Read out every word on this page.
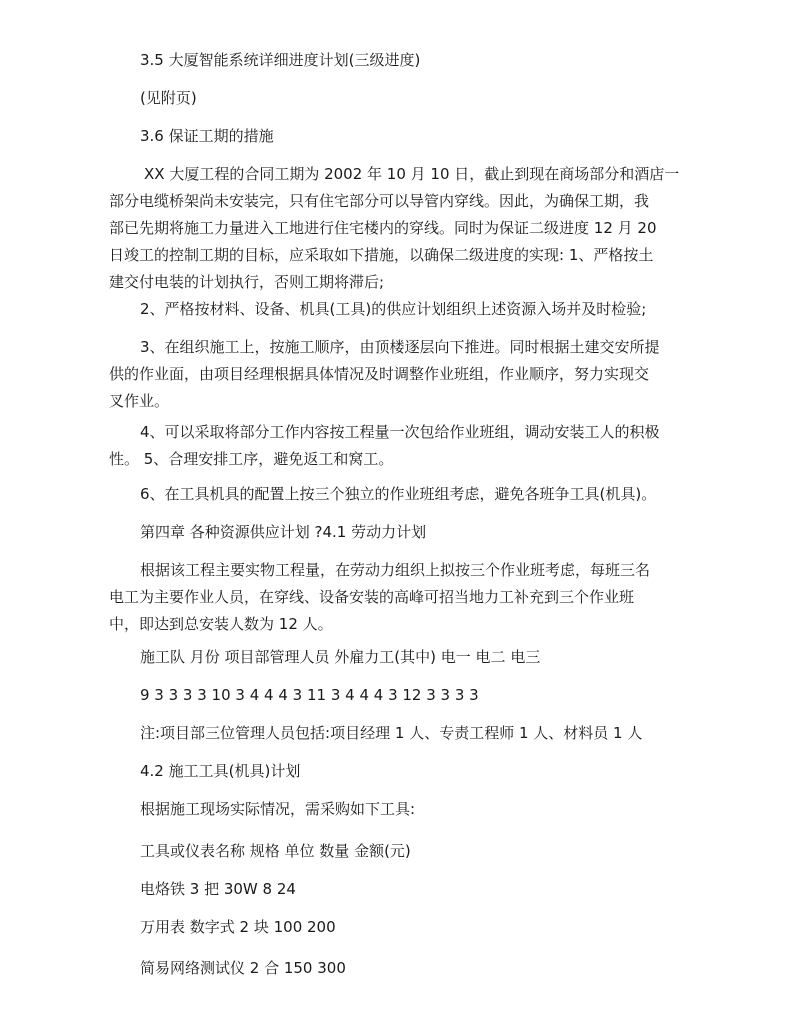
3.5 大厦智能系统详细进度计划(三级进度)

(见附页)

3.6 保证工期的措施

XX 大厦工程的合同工期为 2002 年 10 月 10 日，截止到现在商场部分和酒店一
部分电缆桥架尚未安装完，只有住宅部分可以导管内穿线。因此，为确保工期，我
部已先期将施工力量进入工地进行住宅楼内的穿线。同时为保证二级进度 12 月 20
日竣工的控制工期的目标，应采取如下措施，以确保二级进度的实现: 1、严格按土
建交付电装的计划执行，否则工期将滞后;

2、严格按材料、设备、机具(工具)的供应计划组织上述资源入场并及时检验;

3、在组织施工上，按施工顺序，由顶楼逐层向下推进。同时根据土建交安所提
供的作业面，由项目经理根据具体情况及时调整作业班组，作业顺序，努力实现交
叉作业。

4、可以采取将部分工作内容按工程量一次包给作业班组，调动安装工人的积极
性。 5、合理安排工序，避免返工和窝工。

6、在工具机具的配置上按三个独立的作业班组考虑，避免各班争工具(机具)。

第四章 各种资源供应计划 ?4.1 劳动力计划

根据该工程主要实物工程量，在劳动力组织上拟按三个作业班考虑，每班三名
电工为主要作业人员，在穿线、设备安装的高峰可招当地力工补充到三个作业班
中，即达到总安装人数为 12 人。

施工队 月份 项目部管理人员 外雇力工(其中) 电一 电二 电三

9 3 3 3 3 10 3 4 4 4 3 11 3 4 4 4 3 12 3 3 3 3

注:项目部三位管理人员包括:项目经理 1 人、专责工程师 1 人、材料员 1 人

4.2 施工工具(机具)计划

根据施工现场实际情况，需采购如下工具:

工具或仪表名称 规格 单位 数量 金额(元)

电烙铁 3 把 30W 8 24

万用表 数字式 2 块 100 200

简易网络测试仪 2 合 150 300
